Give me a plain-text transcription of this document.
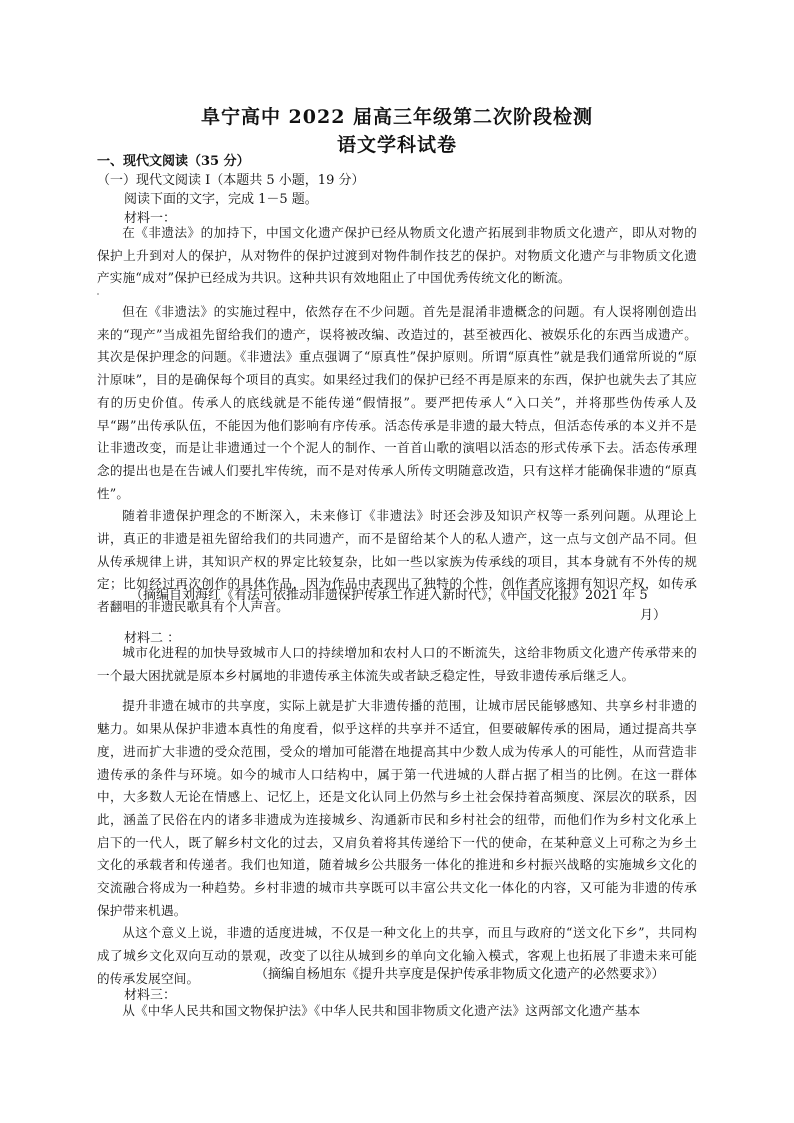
阜宁高中 2022 届高三年级第二次阶段检测
语文学科试卷
一、现代文阅读（35 分）
（一）现代文阅读 I（本题共 5 小题，19 分）
阅读下面的文字，完成 1－5 题。
材料一：

在《非遗法》的加持下，中国文化遗产保护已经从物质文化遗产拓展到非物质文化遗产，即从对物的保护上升到对人的保护，从对物件的保护过渡到对物件制作技艺的保护。对物质文化遗产与非物质文化遗产实施“成对”保护已经成为共识。这种共识有效地阻止了中国优秀传统文化的断流。

但在《非遗法》的实施过程中，依然存在不少问题。首先是混淆非遗概念的问题。有人误将刚创造出来的“现产”当成祖先留给我们的遗产，误将被改编、改造过的，甚至被西化、被娱乐化的东西当成遗产。其次是保护理念的问题。《非遗法》重点强调了“原真性”保护原则。所谓“原真性”就是我们通常所说的“原汁原味”，目的是确保每个项目的真实。如果经过我们的保护已经不再是原来的东西，保护也就失去了其应有的历史价值。传承人的底线就是不能传递“假情报”。要严把传承人“入口关”，并将那些伪传承人及早“踢”出传承队伍，不能因为他们影响有序传承。活态传承是非遗的最大特点，但活态传承的本义并不是让非遗改变，而是让非遗通过一个个泥人的制作、一首首山歌的演唱以活态的形式传承下去。活态传承理念的提出也是在告诫人们要扎牢传统，而不是对传承人所传文明随意改造，只有这样才能确保非遗的“原真性”。

随着非遗保护理念的不断深入，未来修订《非遗法》时还会涉及知识产权等一系列问题。从理论上讲，真正的非遗是祖先留给我们的共同遗产，而不是留给某个人的私人遗产，这一点与文创产品不同。但从传承规律上讲，其知识产权的界定比较复杂，比如一些以家族为传承线的项目，其本身就有不外传的规定；比如经过再次创作的具体作品，因为作品中表现出了独特的个性，创作者应该拥有知识产权，如传承者翻唱的非遗民歌具有个人声音。

（摘编自刘海红《有法可依推动非遗保护传承工作进入新时代》，《中国文化报》2021 年 5
月）
材料二 ：

城市化进程的加快导致城市人口的持续增加和农村人口的不断流失，这给非物质文化遗产传承带来的一个最大困扰就是原本乡村属地的非遗传承主体流失或者缺乏稳定性，导致非遗传承后继乏人。

提升非遗在城市的共享度，实际上就是扩大非遗传播的范围，让城市居民能够感知、共享乡村非遗的魅力。如果从保护非遗本真性的角度看，似乎这样的共享并不适宜，但要破解传承的困局，通过提高共享度，进而扩大非遗的受众范围，受众的增加可能潜在地提高其中少数人成为传承人的可能性，从而营造非遗传承的条件与环境。如今的城市人口结构中，属于第一代进城的人群占据了相当的比例。在这一群体中，大多数人无论在情感上、记忆上，还是文化认同上仍然与乡土社会保持着高频度、深层次的联系，因此，涵盖了民俗在内的诸多非遗成为连接城乡、沟通新市民和乡村社会的纽带，而他们作为乡村文化承上启下的一代人，既了解乡村文化的过去，又肩负着将其传递给下一代的使命，在某种意义上可称之为乡土文化的承载者和传递者。我们也知道，随着城乡公共服务一体化的推进和乡村振兴战略的实施城乡文化的交流融合将成为一种趋势。乡村非遗的城市共享既可以丰富公共文化一体化的内容，又可能为非遗的传承保护带来机遇。

从这个意义上说，非遗的适度进城，不仅是一种文化上的共享，而且与政府的“送文化下乡”，共同构成了城乡文化双向互动的景观，改变了以往从城到乡的单向文化输入模式，客观上也拓展了非遗未来可能的传承发展空间。	（摘编自杨旭东《提升共享度是保护传承非物质文化遗产的必然要求》）
材料三：

从《中华人民共和国文物保护法》《中华人民共和国非物质文化遗产法》这两部文化遗产基本
